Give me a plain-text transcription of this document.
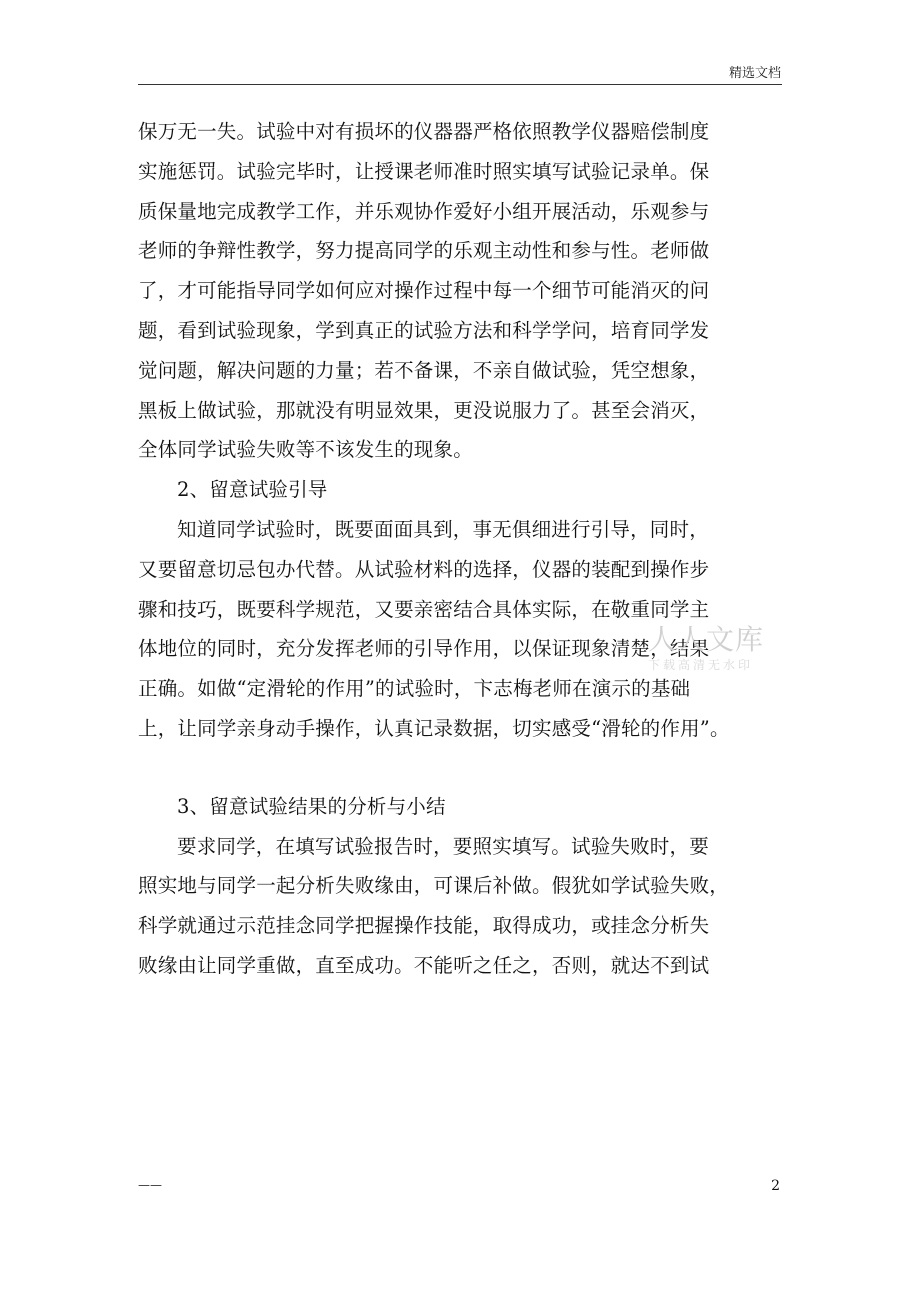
精选文档
保万无一失。试验中对有损坏的仪器器严格依照教学仪器赔偿制度
实施惩罚。试验完毕时，让授课老师准时照实填写试验记录单。保
质保量地完成教学工作，并乐观协作爱好小组开展活动，乐观参与
老师的争辩性教学，努力提高同学的乐观主动性和参与性。老师做
了，才可能指导同学如何应对操作过程中每一个细节可能消灭的问
题，看到试验现象，学到真正的试验方法和科学学问，培育同学发
觉问题，解决问题的力量；若不备课，不亲自做试验，凭空想象，
黑板上做试验，那就没有明显效果，更没说服力了。甚至会消灭，
全体同学试验失败等不该发生的现象。
2、留意试验引导
知道同学试验时，既要面面具到，事无俱细进行引导，同时，
又要留意切忌包办代替。从试验材料的选择，仪器的装配到操作步
骤和技巧，既要科学规范，又要亲密结合具体实际，在敬重同学主
体地位的同时，充分发挥老师的引导作用，以保证现象清楚，结果
正确。如做“定滑轮的作用”的试验时，卞志梅老师在演示的基础
上，让同学亲身动手操作，认真记录数据，切实感受“滑轮的作用”。
3、留意试验结果的分析与小结
要求同学，在填写试验报告时，要照实填写。试验失败时，要
照实地与同学一起分析失败缘由，可课后补做。假犹如学试验失败，
科学就通过示范挂念同学把握操作技能，取得成功，或挂念分析失
败缘由让同学重做，直至成功。不能听之任之，否则，就达不到试
人人文库
下载高清无水印
——	2
